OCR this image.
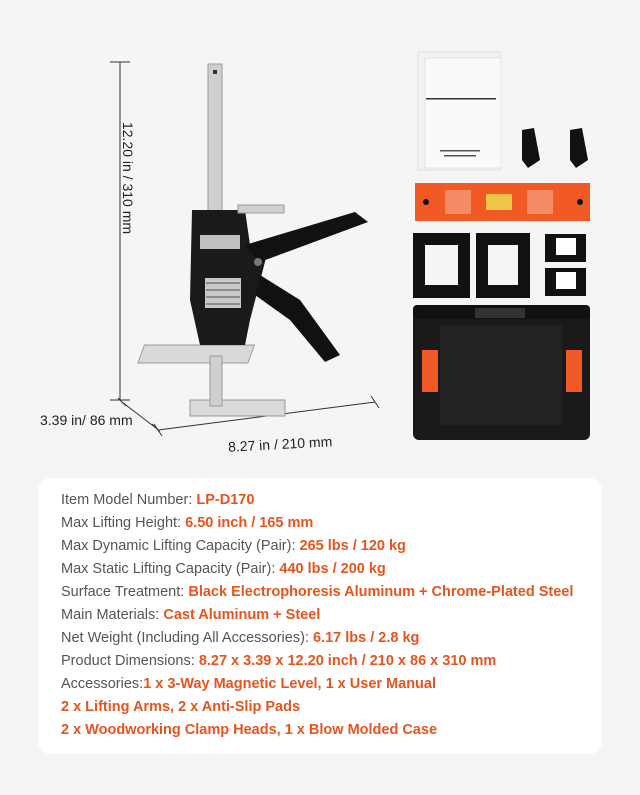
12.20 in / 310 mm
3.39 in/ 86 mm
8.27 in / 210 mm
Item Model Number: LP-D170
Max Lifting Height: 6.50 inch / 165 mm
Max Dynamic Lifting Capacity (Pair): 265 lbs / 120 kg
Max Static Lifting Capacity (Pair): 440 lbs / 200 kg
Surface Treatment: Black Electrophoresis Aluminum + Chrome-Plated Steel
Main Materials: Cast Aluminum + Steel
Net Weight (Including All Accessories): 6.17 lbs / 2.8 kg
Product Dimensions: 8.27 x 3.39 x 12.20 inch / 210 x 86 x 310 mm
Accessories:1 x 3-Way Magnetic Level, 1 x User Manual
2 x Lifting Arms, 2 x Anti-Slip Pads
2 x Woodworking Clamp Heads, 1 x Blow Molded Case
